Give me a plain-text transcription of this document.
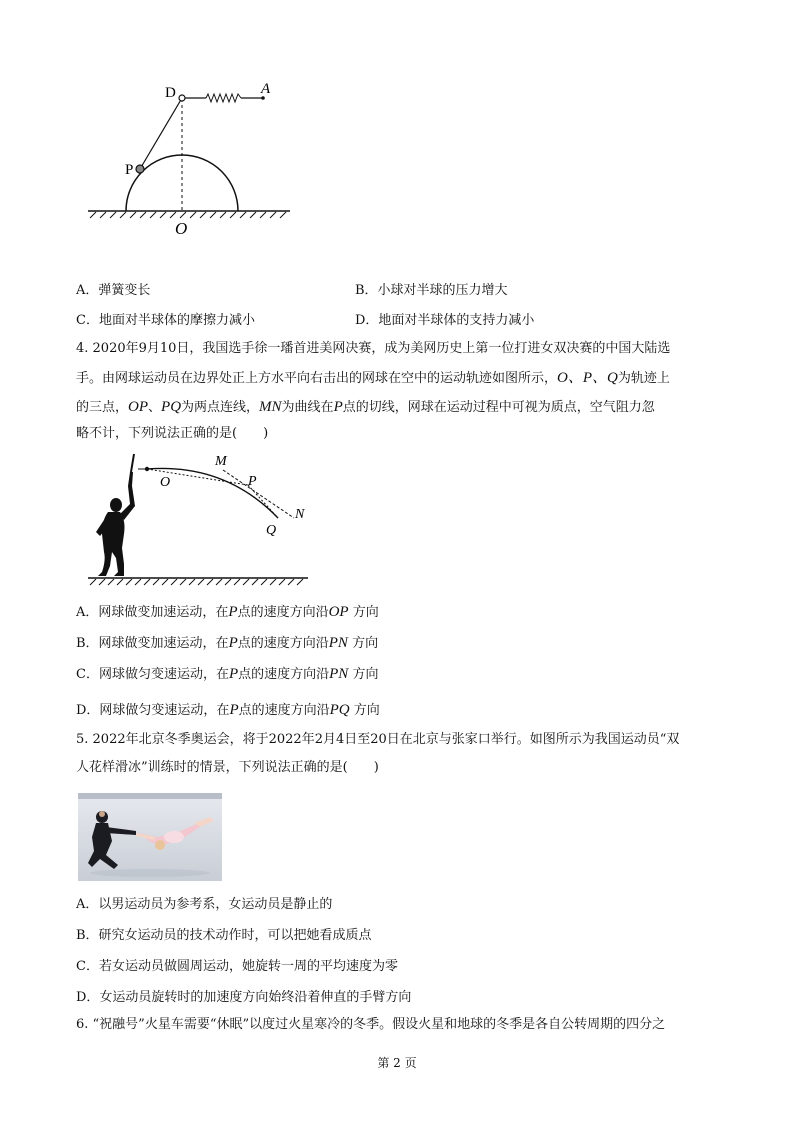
D	A
P
O
A．弹簧变长	B．小球对半球的压力增大
C．地面对半球体的摩擦力减小	D．地面对半球体的支持力减小
4. 2020年9月10日，我国选手徐一璠首进美网决赛，成为美网历史上第一位打进女双决赛的中国大陆选
手。由网球运动员在边界处正上方水平向右击出的网球在空中的运动轨迹如图所示，O、P、Q为轨迹上
的三点，OP、PQ为两点连线，MN为曲线在P点的切线，网球在运动过程中可视为质点，空气阻力忽
略不计，下列说法正确的是(　　)
M
O	P
Q
N
A．网球做变加速运动，在P点的速度方向沿OP 方向
B．网球做变加速运动，在P点的速度方向沿PN 方向
C．网球做匀变速运动，在P点的速度方向沿PN 方向
D．网球做匀变速运动，在P点的速度方向沿PQ 方向
5. 2022年北京冬季奥运会，将于2022年2月4日至20日在北京与张家口举行。如图所示为我国运动员“双
人花样滑冰”训练时的情景，下列说法正确的是(　　)
A．以男运动员为参考系，女运动员是静止的
B．研究女运动员的技术动作时，可以把她看成质点
C．若女运动员做圆周运动，她旋转一周的平均速度为零
D．女运动员旋转时的加速度方向始终沿着伸直的手臂方向
6. “祝融号”火星车需要“休眠”以度过火星寒冷的冬季。假设火星和地球的冬季是各自公转周期的四分之
第 2 页
